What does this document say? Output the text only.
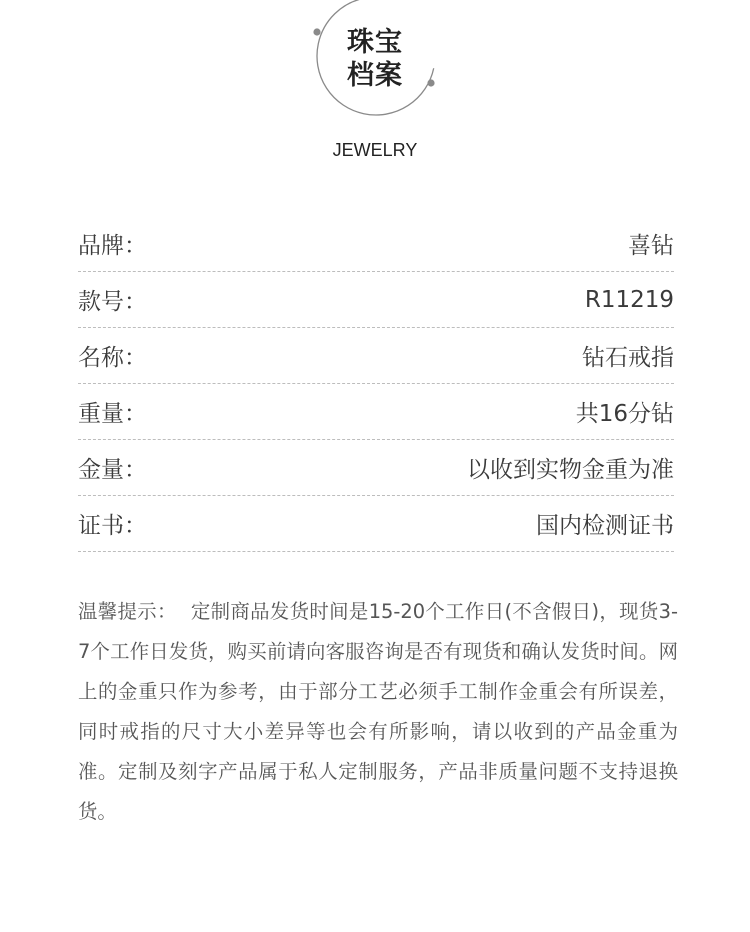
珠宝
档案
JEWELRY
品牌：	喜钻
款号：	R11219
名称：	钻石戒指
重量：	共16分钻
金量：	以收到实物金重为准
证书：	国内检测证书
温馨提示： 定制商品发货时间是15-20个工作日(不含假日)，现货3-7个工作日发货，购买前请向客服咨询是否有现货和确认发货时间。网上的金重只作为参考，由于部分工艺必须手工制作金重会有所误差，同时戒指的尺寸大小差异等也会有所影响，请以收到的产品金重为准。定制及刻字产品属于私人定制服务，产品非质量问题不支持退换货。
